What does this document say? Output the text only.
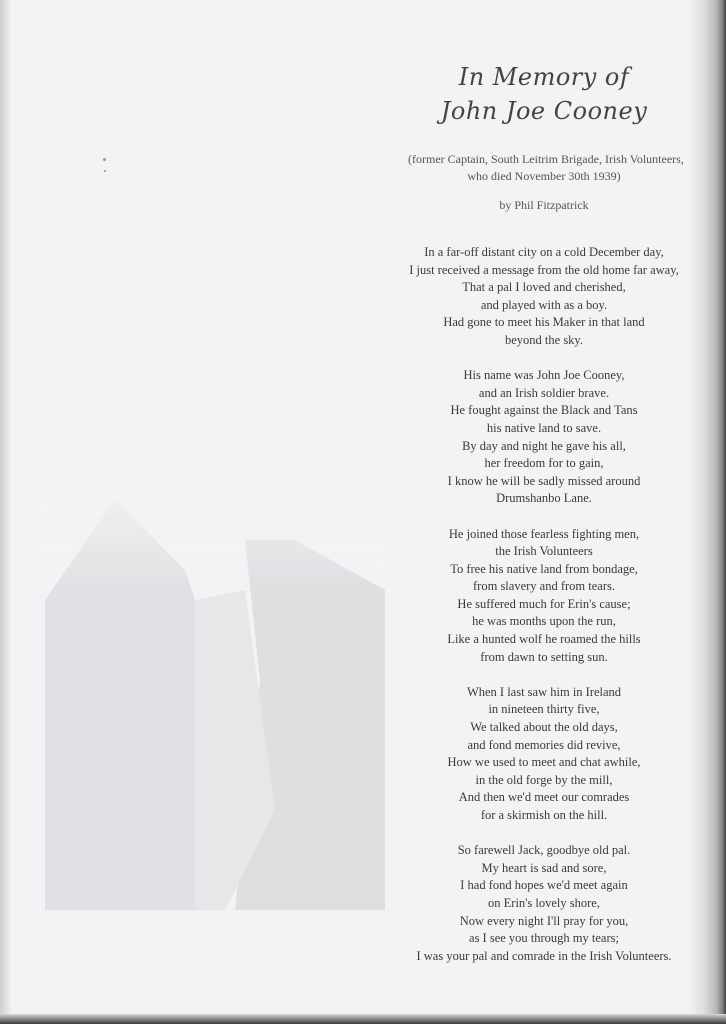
In Memory of
John Joe Cooney
(former Captain, South Leitrim Brigade, Irish Volunteers,
who died November 30th 1939)
by Phil Fitzpatrick
In a far-off distant city on a cold December day,
I just received a message from the old home far away,
That a pal I loved and cherished,
and played with as a boy.
Had gone to meet his Maker in that land
beyond the sky.
His name was John Joe Cooney,
and an Irish soldier brave.
He fought against the Black and Tans
his native land to save.
By day and night he gave his all,
her freedom for to gain,
I know he will be sadly missed around
Drumshanbo Lane.
He joined those fearless fighting men,
the Irish Volunteers
To free his native land from bondage,
from slavery and from tears.
He suffered much for Erin's cause;
he was months upon the run,
Like a hunted wolf he roamed the hills
from dawn to setting sun.
When I last saw him in Ireland
in nineteen thirty five,
We talked about the old days,
and fond memories did revive,
How we used to meet and chat awhile,
in the old forge by the mill,
And then we'd meet our comrades
for a skirmish on the hill.
So farewell Jack, goodbye old pal.
My heart is sad and sore,
I had fond hopes we'd meet again
on Erin's lovely shore,
Now every night I'll pray for you,
as I see you through my tears;
I was your pal and comrade in the Irish Volunteers.
